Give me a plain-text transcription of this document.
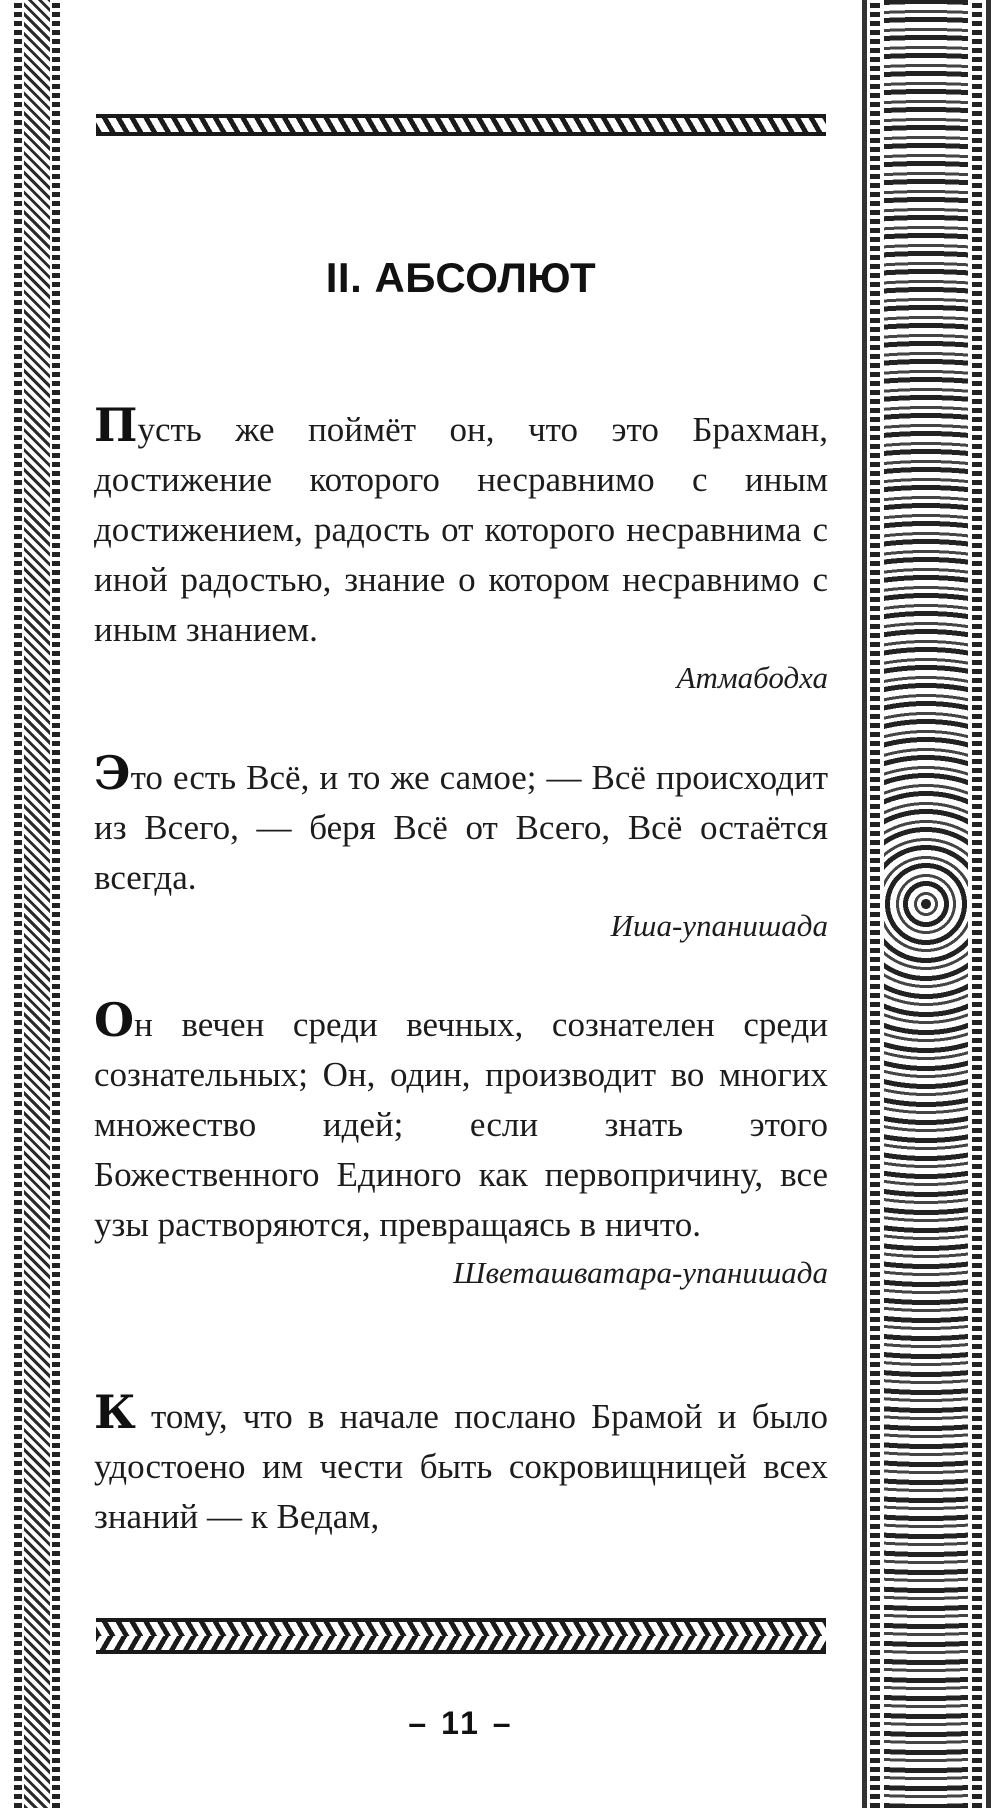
II. АБСОЛЮТ

Пусть же поймёт он, что это Брахман, достижение которого несравнимо с иным достижением, радость от которого несравнима с иной радостью, знание о котором несравнимо с иным знанием.

Атмабодха

Это есть Всё, и то же самое; — Всё происходит из Всего, — беря Всё от Всего, Всё остаётся всегда.

Иша-упанишада

Он вечен среди вечных, сознателен среди сознательных; Он, один, производит во многих множество идей; если знать этого Божественного Единого как первопричину, все узы растворяются, превращаясь в ничто.

Шветашватара-упанишада

К тому, что в начале послано Брамой и было удостоено им чести быть сокровищницей всех знаний — к Ведам,

– 11 –
